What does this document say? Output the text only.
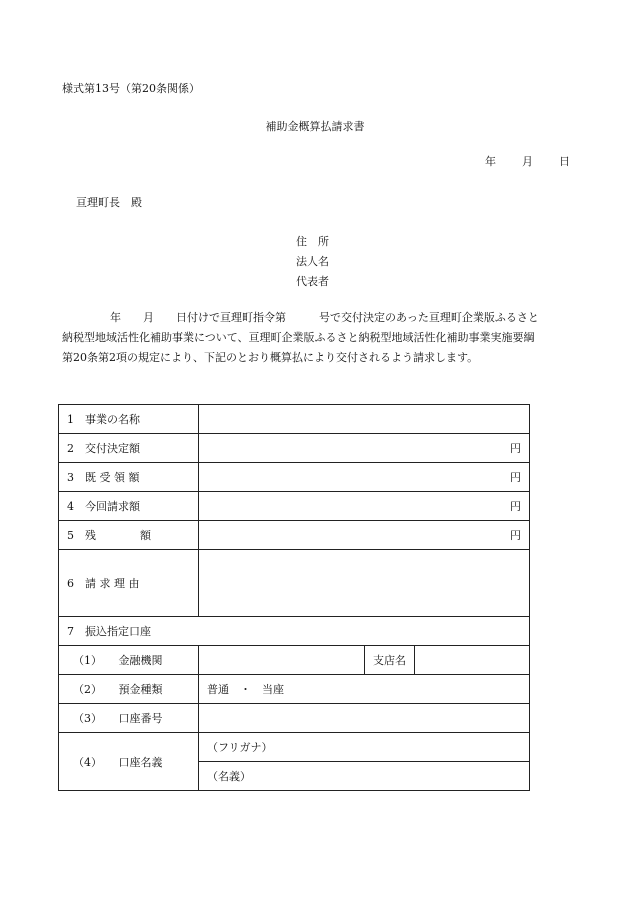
様式第13号（第20条関係）
補助金概算払請求書
年 月 日
亘理町長　殿
住　所
法人名
代表者
年　　月　　日付けで亘理町指令第　　　号で交付決定のあった亘理町企業版ふるさと
納税型地域活性化補助事業について、亘理町企業版ふるさと納税型地域活性化補助事業実施要綱
第20条第2項の規定により、下記のとおり概算払により交付されるよう請求します。
1　事業の名称			
2　交付決定額	円		
3　既 受 領 額	円		
4　今回請求額	円		
5　残　　　　額	円		
6　請 求 理 由			
7　振込指定口座			
（1）　　金融機関		支店名	
（2）　　預金種類	普通　・　当座		
（3）　　口座番号			
（4）　　口座名義	（フリガナ）		
	（名義）		
